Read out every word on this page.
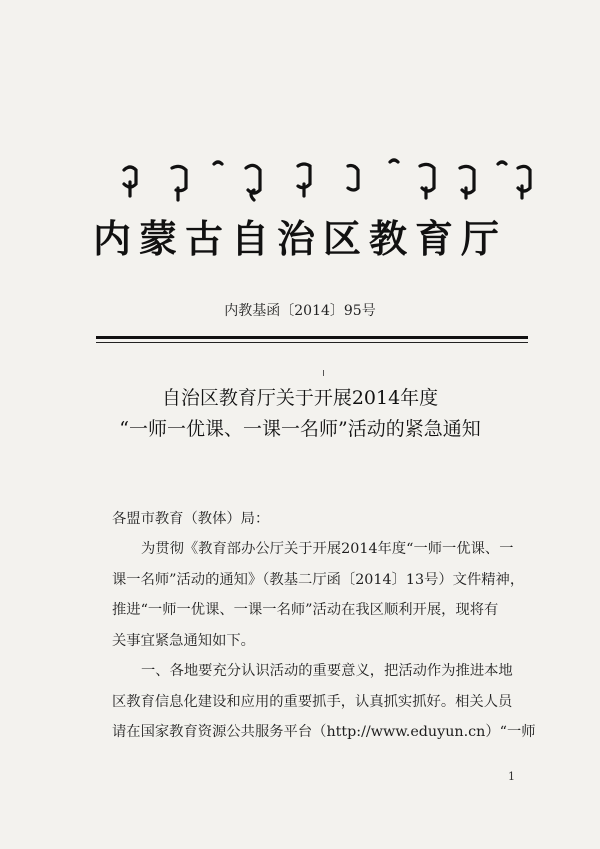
内蒙古自治区教育厅
内教基函〔2014〕95号
自治区教育厅关于开展2014年度
“一师一优课、一课一名师”活动的紧急通知
各盟市教育（教体）局：
为贯彻《教育部办公厅关于开展2014年度“一师一优课、一
课一名师”活动的通知》（教基二厅函〔2014〕13号）文件精神，
推进“一师一优课、一课一名师”活动在我区顺利开展，现将有
关事宜紧急通知如下。
一、各地要充分认识活动的重要意义，把活动作为推进本地
区教育信息化建设和应用的重要抓手，认真抓实抓好。相关人员
请在国家教育资源公共服务平台（http://www.eduyun.cn）“一师
1
